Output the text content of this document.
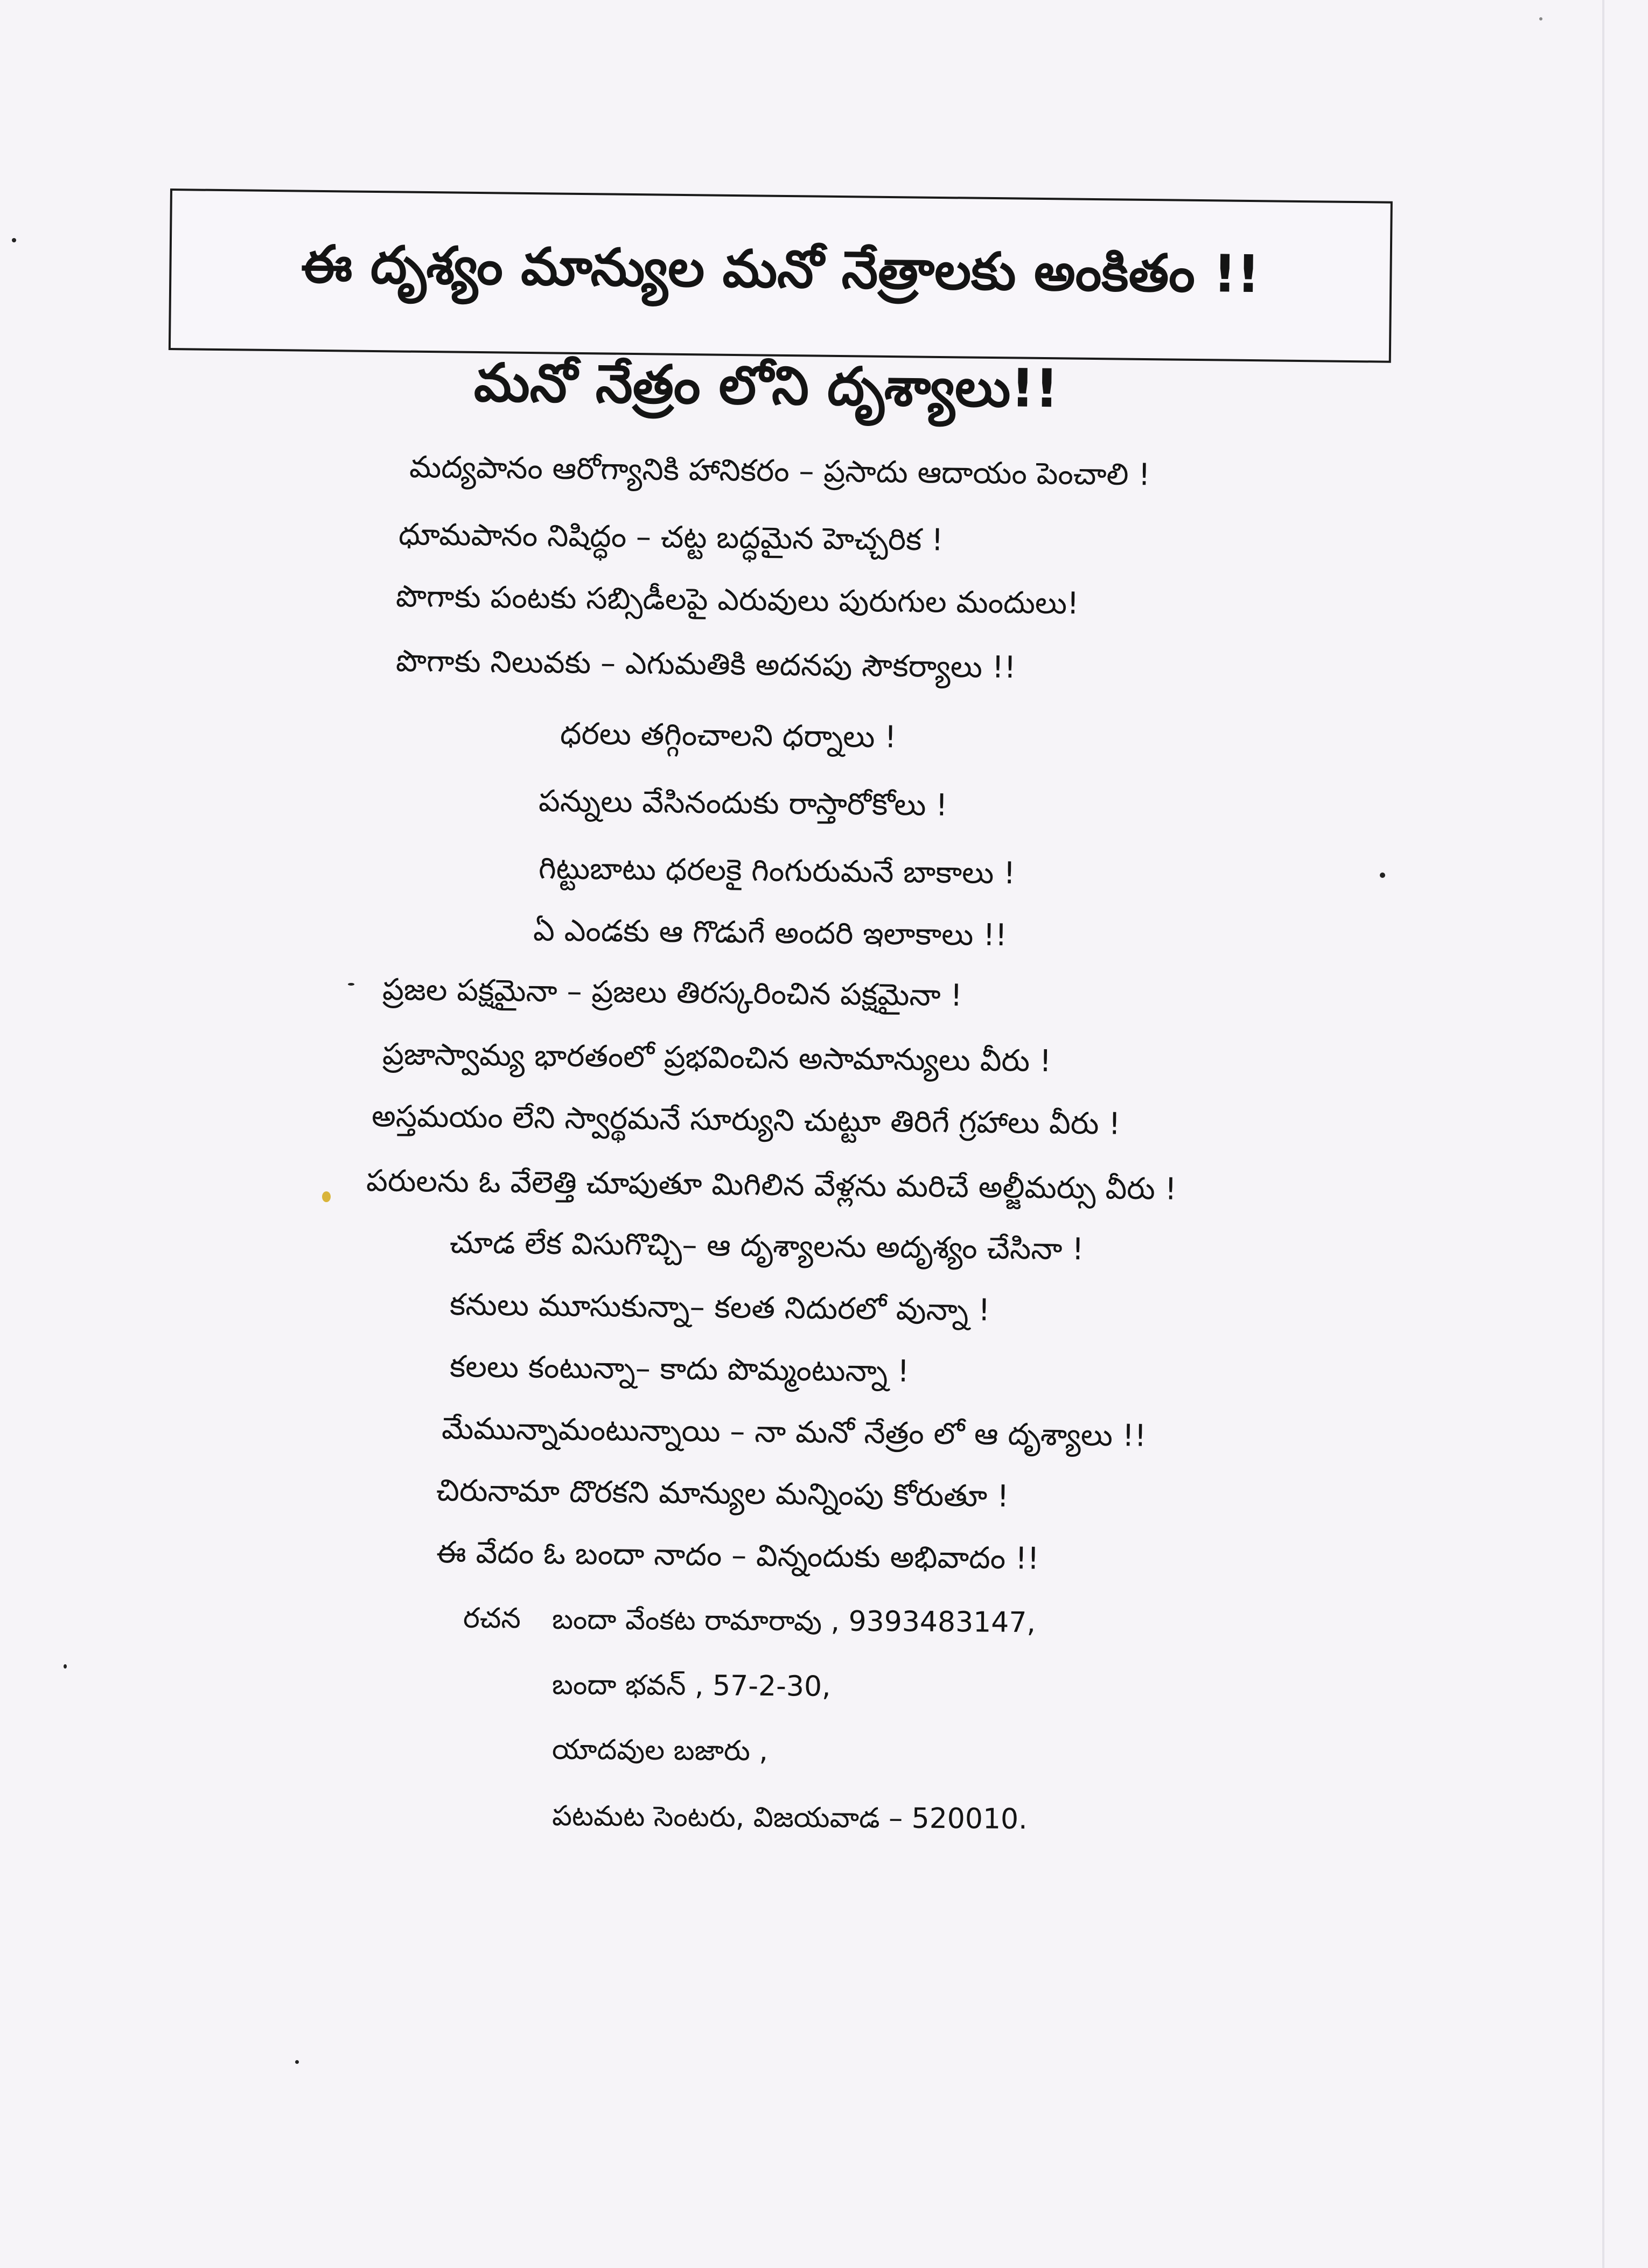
ఈ దృశ్యం మాన్యుల మనో నేత్రాలకు అంకితం !!
మనో నేత్రం లోని దృశ్యాలు!!
మద్యపానం ఆరోగ్యానికి హానికరం – ప్రసాదు ఆదాయం పెంచాలి !
ధూమపానం నిషిద్ధం – చట్ట బద్ధమైన హెచ్చరిక !
పొగాకు పంటకు సబ్సిడీలపై ఎరువులు పురుగుల మందులు!
పొగాకు నిలువకు – ఎగుమతికి అదనపు సౌకర్యాలు !!
ధరలు తగ్గించాలని ధర్నాలు !
పన్నులు వేసినందుకు రాస్తారోకోలు !
గిట్టుబాటు ధరలకై గింగురుమనే బాకాలు !
ఏ ఎండకు ఆ గొడుగే అందరి ఇలాకాలు !!
ప్రజల పక్షమైనా – ప్రజలు తిరస్కరించిన పక్షమైనా !
ప్రజాస్వామ్య భారతంలో ప్రభవించిన అసామాన్యులు వీరు !
అస్తమయం లేని స్వార్థమనే సూర్యుని చుట్టూ తిరిగే గ్రహాలు వీరు !
పరులను ఓ వేలెత్తి చూపుతూ మిగిలిన వేళ్లను మరిచే అల్జీమర్సు వీరు !
చూడ లేక విసుగొచ్చి– ఆ దృశ్యాలను అదృశ్యం చేసినా !
కనులు మూసుకున్నా– కలత నిదురలో వున్నా !
కలలు కంటున్నా– కాదు పొమ్మంటున్నా !
మేమున్నామంటున్నాయి – నా మనో నేత్రం లో ఆ దృశ్యాలు !!
చిరునామా దొరకని మాన్యుల మన్నింపు కోరుతూ !
ఈ వేదం ఓ బందా నాదం – విన్నందుకు అభివాదం !!
రచన బందా వేంకట రామారావు , 9393483147,
బందా భవన్ , 57-2-30,
యాదవుల బజారు ,
పటమట సెంటరు, విజయవాడ – 520010.
